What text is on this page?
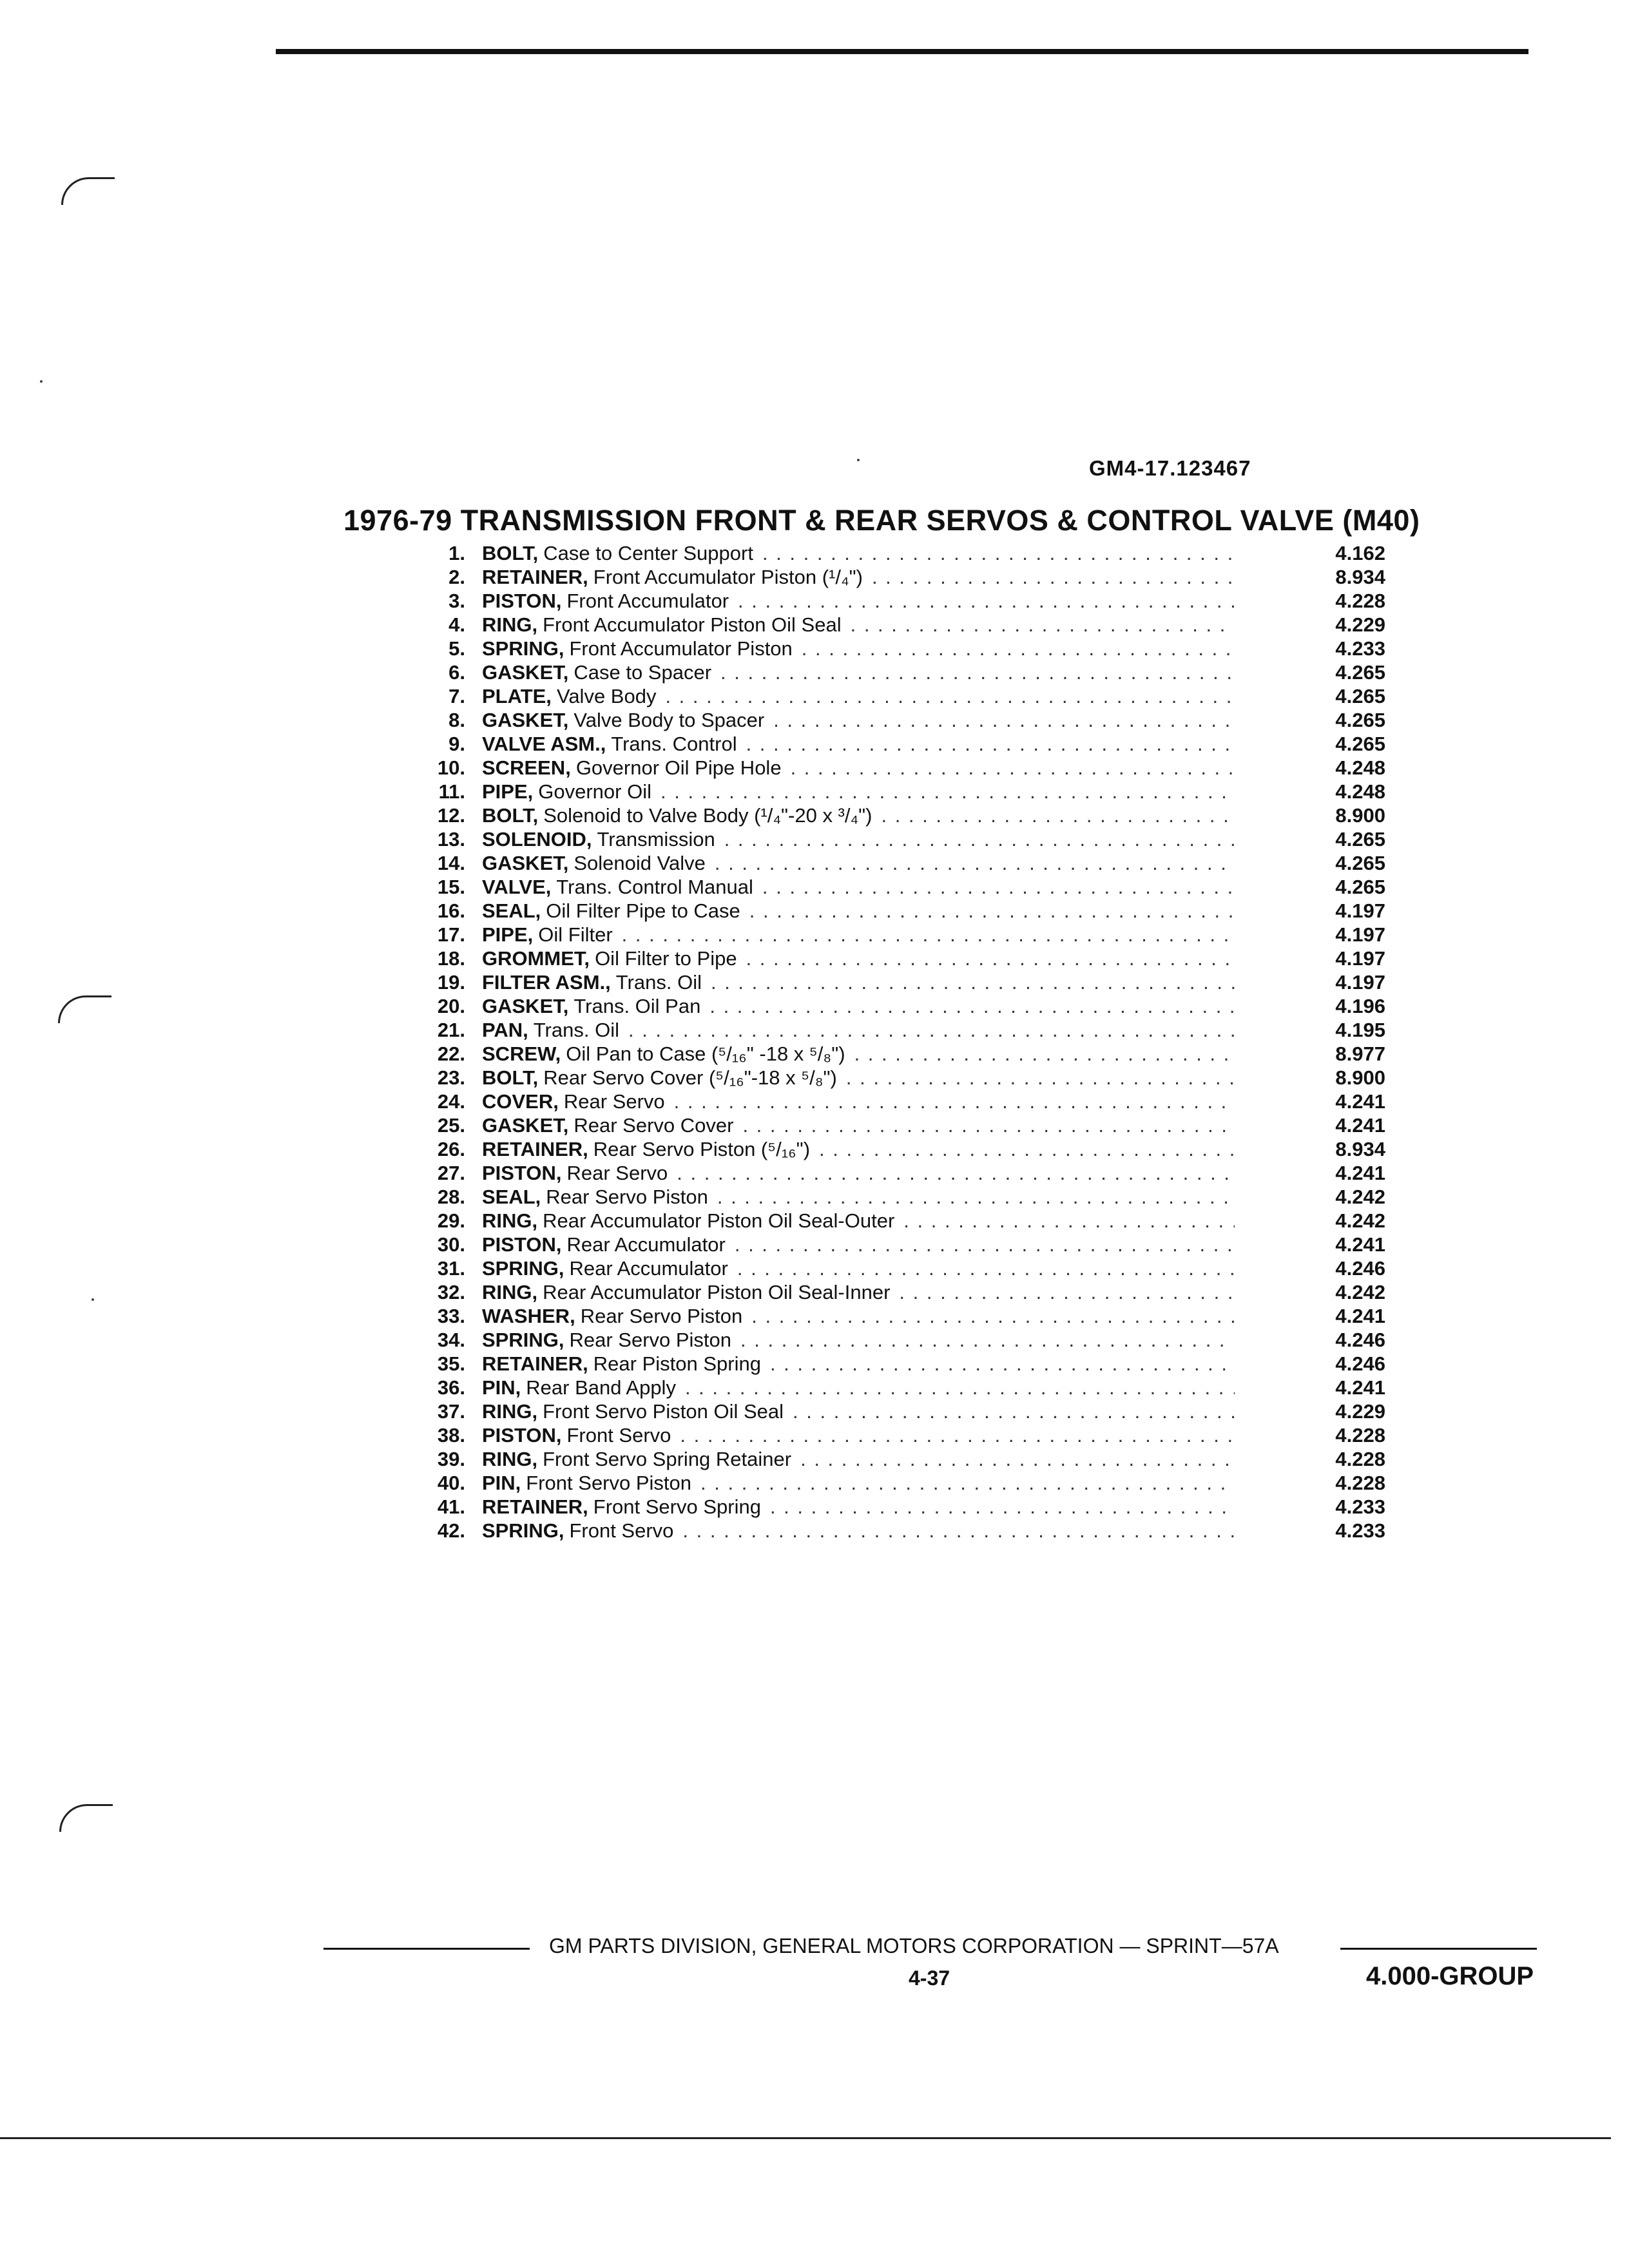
GM4-17.123467
1976-79 TRANSMISSION FRONT & REAR SERVOS & CONTROL VALVE (M40)
1. BOLT, Case to Center Support . . .	4.162
2. RETAINER, Front Accumulator Piston (¹/₄") . . .	8.934
3. PISTON, Front Accumulator . . .	4.228
4. RING, Front Accumulator Piston Oil Seal . . .	4.229
5. SPRING, Front Accumulator Piston . . .	4.233
6. GASKET, Case to Spacer . . .	4.265
7. PLATE, Valve Body . . .	4.265
8. GASKET, Valve Body to Spacer . . .	4.265
9. VALVE ASM., Trans. Control . . .	4.265
10. SCREEN, Governor Oil Pipe Hole . . .	4.248
11. PIPE, Governor Oil . . .	4.248
12. BOLT, Solenoid to Valve Body (¹/₄"-20 x ³/₄") . . .	8.900
13. SOLENOID, Transmission . . .	4.265
14. GASKET, Solenoid Valve . . .	4.265
15. VALVE, Trans. Control Manual . . .	4.265
16. SEAL, Oil Filter Pipe to Case . . .	4.197
17. PIPE, Oil Filter . . .	4.197
18. GROMMET, Oil Filter to Pipe . . .	4.197
19. FILTER ASM., Trans. Oil . . .	4.197
20. GASKET, Trans. Oil Pan . . .	4.196
21. PAN, Trans. Oil . . .	4.195
22. SCREW, Oil Pan to Case (⁵/₁₆" -18 x ⁵/₈") . . .	8.977
23. BOLT, Rear Servo Cover (⁵/₁₆"-18 x ⁵/₈") . . .	8.900
24. COVER, Rear Servo . . .	4.241
25. GASKET, Rear Servo Cover . . .	4.241
26. RETAINER, Rear Servo Piston (⁵/₁₆") . . .	8.934
27. PISTON, Rear Servo . . .	4.241
28. SEAL, Rear Servo Piston . . .	4.242
29. RING, Rear Accumulator Piston Oil Seal-Outer . . .	4.242
30. PISTON, Rear Accumulator . . .	4.241
31. SPRING, Rear Accumulator . . .	4.246
32. RING, Rear Accumulator Piston Oil Seal-Inner . . .	4.242
33. WASHER, Rear Servo Piston . . .	4.241
34. SPRING, Rear Servo Piston . . .	4.246
35. RETAINER, Rear Piston Spring . . .	4.246
36. PIN, Rear Band Apply . . .	4.241
37. RING, Front Servo Piston Oil Seal . . .	4.229
38. PISTON, Front Servo . . .	4.228
39. RING, Front Servo Spring Retainer . . .	4.228
40. PIN, Front Servo Piston . . .	4.228
41. RETAINER, Front Servo Spring . . .	4.233
42. SPRING, Front Servo . . .	4.233
GM PARTS DIVISION, GENERAL MOTORS CORPORATION — SPRINT—57A
4-37	4.000-GROUP
